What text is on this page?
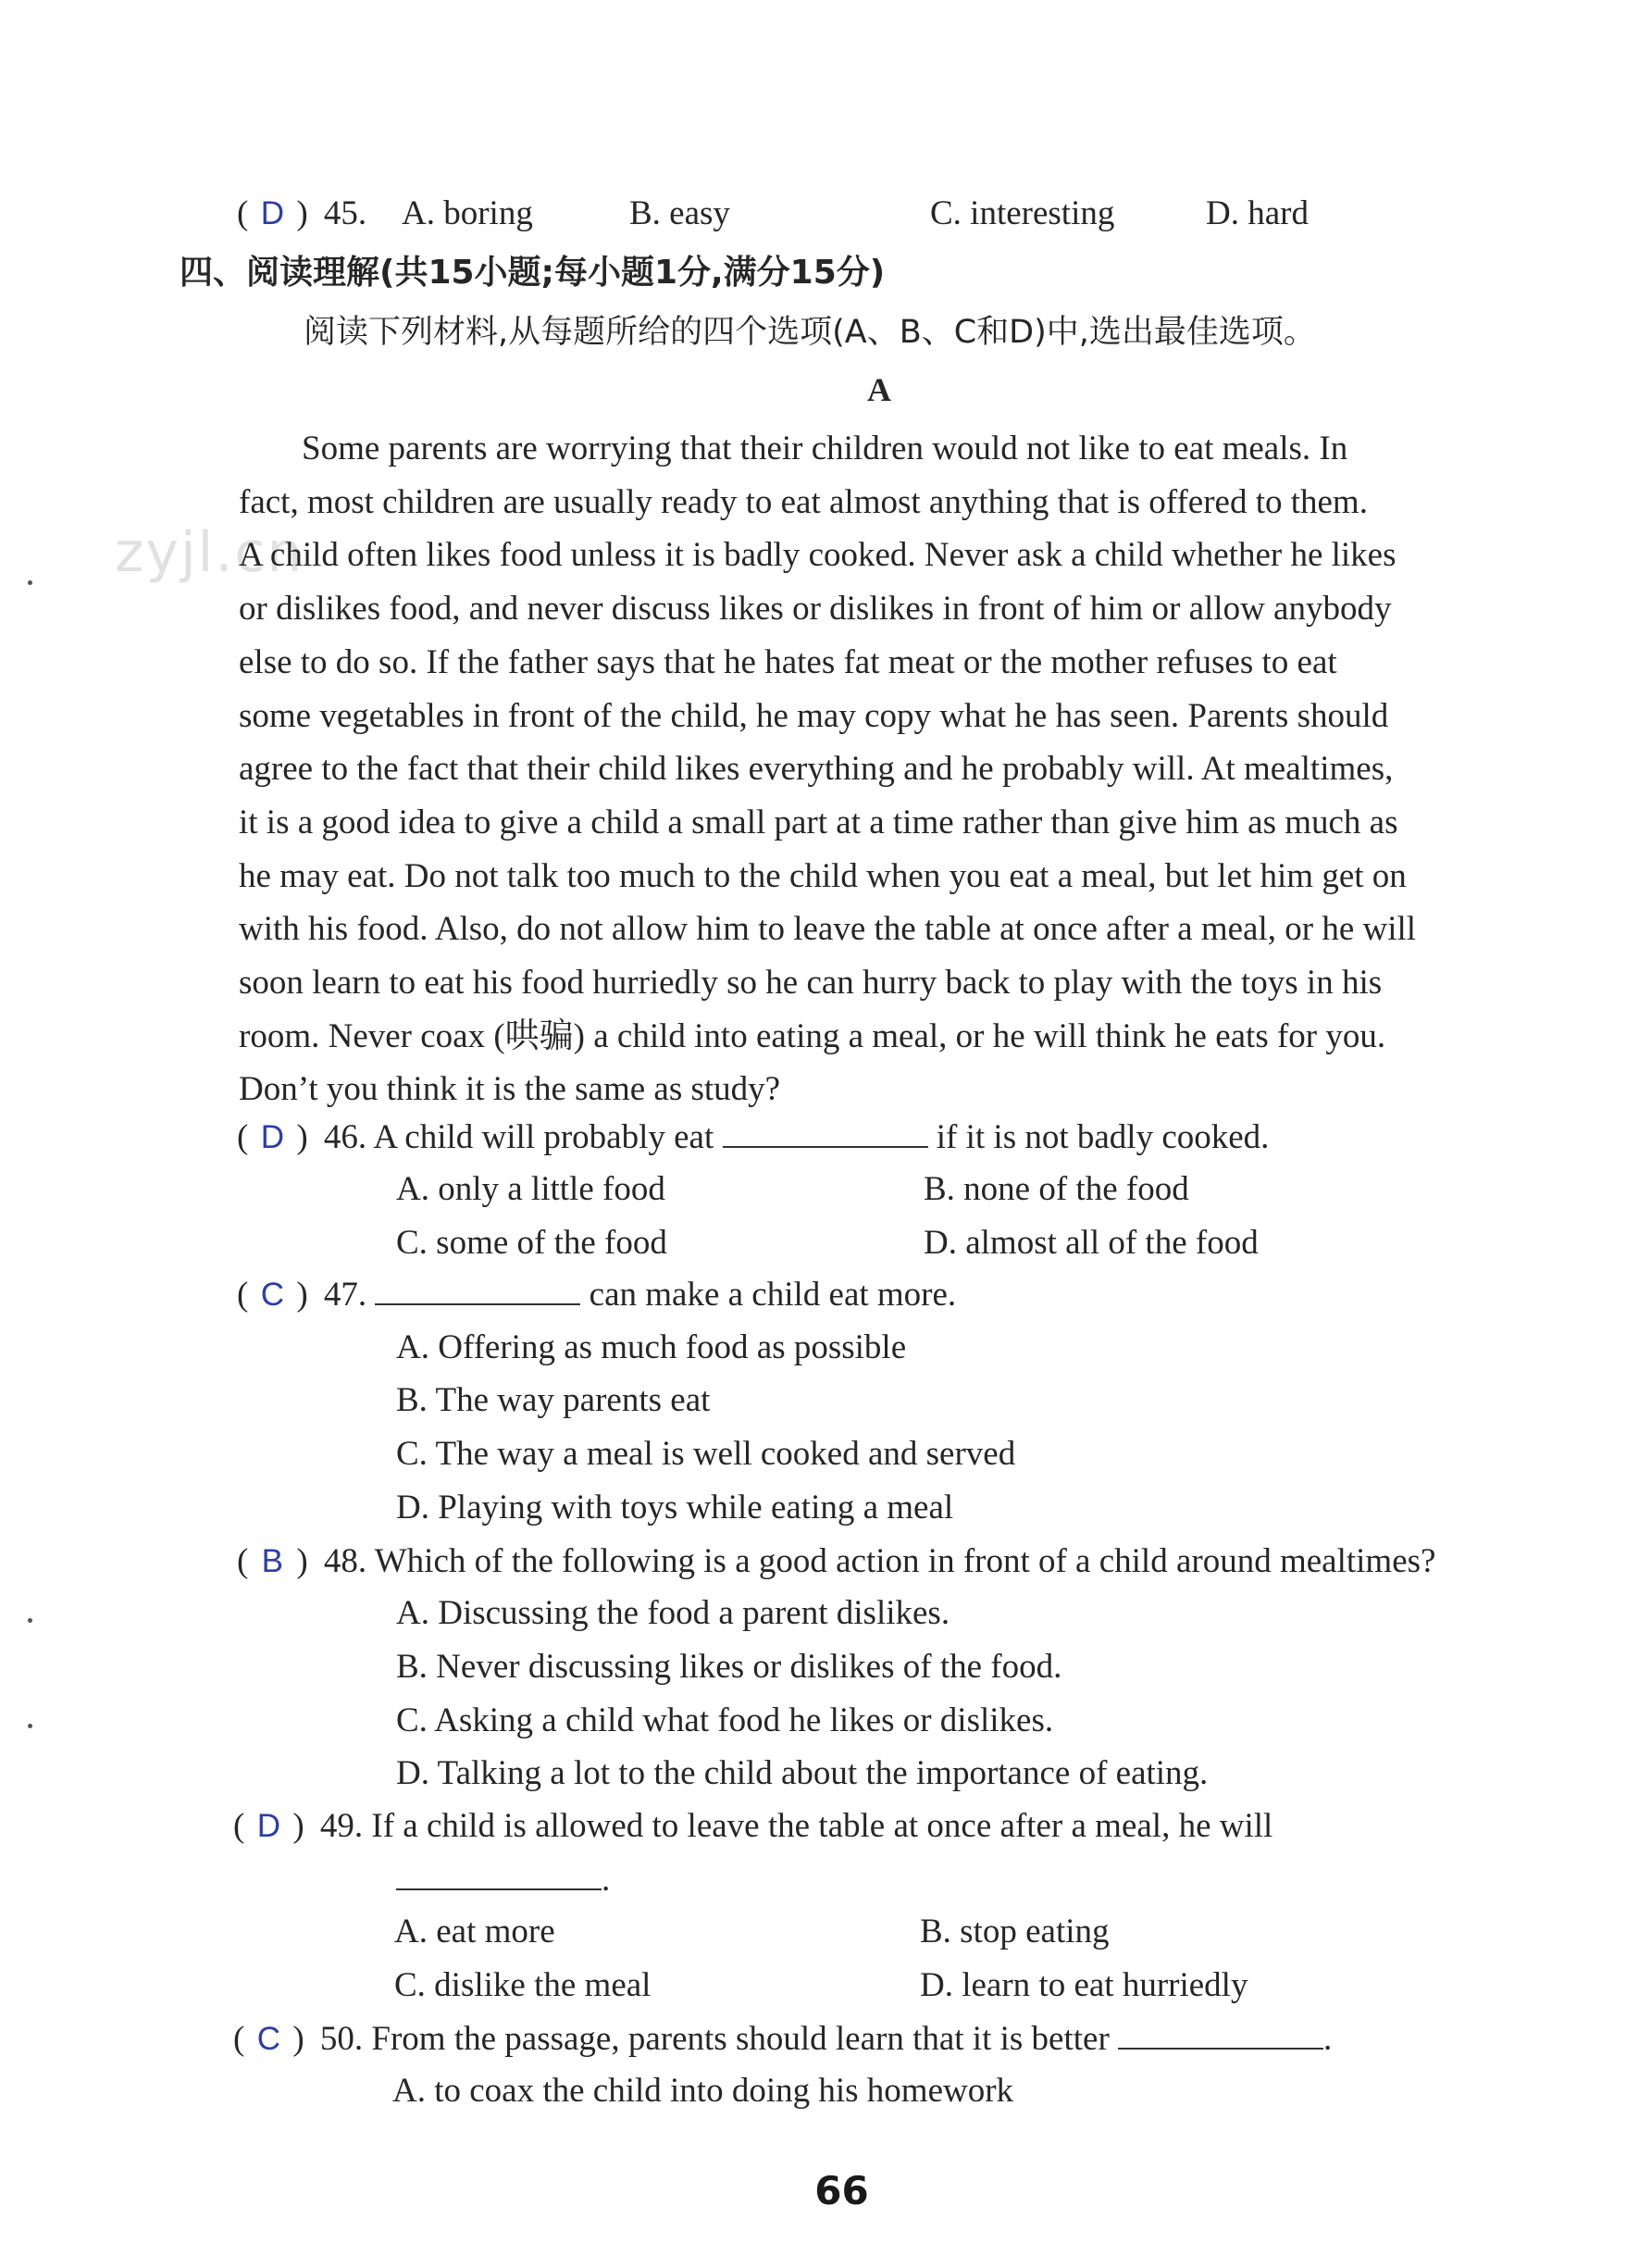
zyjl.cn
( D ) 45. A. boring	B. easy	C. interesting	D. hard
四、阅读理解(共15小题;每小题1分,满分15分)
阅读下列材料,从每题所给的四个选项(A、B、C和D)中,选出最佳选项。
A
Some parents are worrying that their children would not like to eat meals. In
fact, most children are usually ready to eat almost anything that is offered to them.
A child often likes food unless it is badly cooked. Never ask a child whether he likes
or dislikes food, and never discuss likes or dislikes in front of him or allow anybody
else to do so. If the father says that he hates fat meat or the mother refuses to eat
some vegetables in front of the child, he may copy what he has seen. Parents should
agree to the fact that their child likes everything and he probably will. At mealtimes,
it is a good idea to give a child a small part at a time rather than give him as much as
he may eat. Do not talk too much to the child when you eat a meal, but let him get on
with his food. Also, do not allow him to leave the table at once after a meal, or he will
soon learn to eat his food hurriedly so he can hurry back to play with the toys in his
room. Never coax (哄骗) a child into eating a meal, or he will think he eats for you.
Don’t you think it is the same as study?
( D ) 46. A child will probably eat	if it is not badly cooked.
A. only a little food	B. none of the food
C. some of the food	D. almost all of the food
( C ) 47.	can make a child eat more.
A. Offering as much food as possible
B. The way parents eat
C. The way a meal is well cooked and served
D. Playing with toys while eating a meal
( B ) 48. Which of the following is a good action in front of a child around mealtimes?
A. Discussing the food a parent dislikes.
B. Never discussing likes or dislikes of the food.
C. Asking a child what food he likes or dislikes.
D. Talking a lot to the child about the importance of eating.
( D ) 49. If a child is allowed to leave the table at once after a meal, he will
.
A. eat more	B. stop eating
C. dislike the meal	D. learn to eat hurriedly
( C ) 50. From the passage, parents should learn that it is better	.
A. to coax the child into doing his homework
66
